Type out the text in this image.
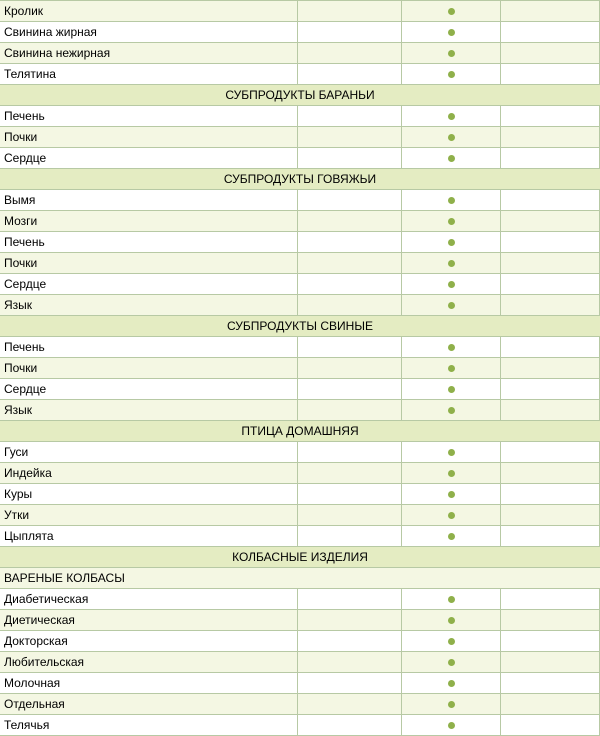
Кролик
Свинина жирная
Свинина нежирная
Телятина
СУБПРОДУКТЫ БАРАНЬИ
Печень
Почки
Сердце
СУБПРОДУКТЫ ГОВЯЖЬИ
Вымя
Мозги
Печень
Почки
Сердце
Язык
СУБПРОДУКТЫ СВИНЫЕ
Печень
Почки
Сердце
Язык
ПТИЦА ДОМАШНЯЯ
Гуси
Индейка
Куры
Утки
Цыплята
КОЛБАСНЫЕ ИЗДЕЛИЯ
ВАРЕНЫЕ КОЛБАСЫ
Диабетическая
Диетическая
Докторская
Любительская
Молочная
Отдельная
Телячья
